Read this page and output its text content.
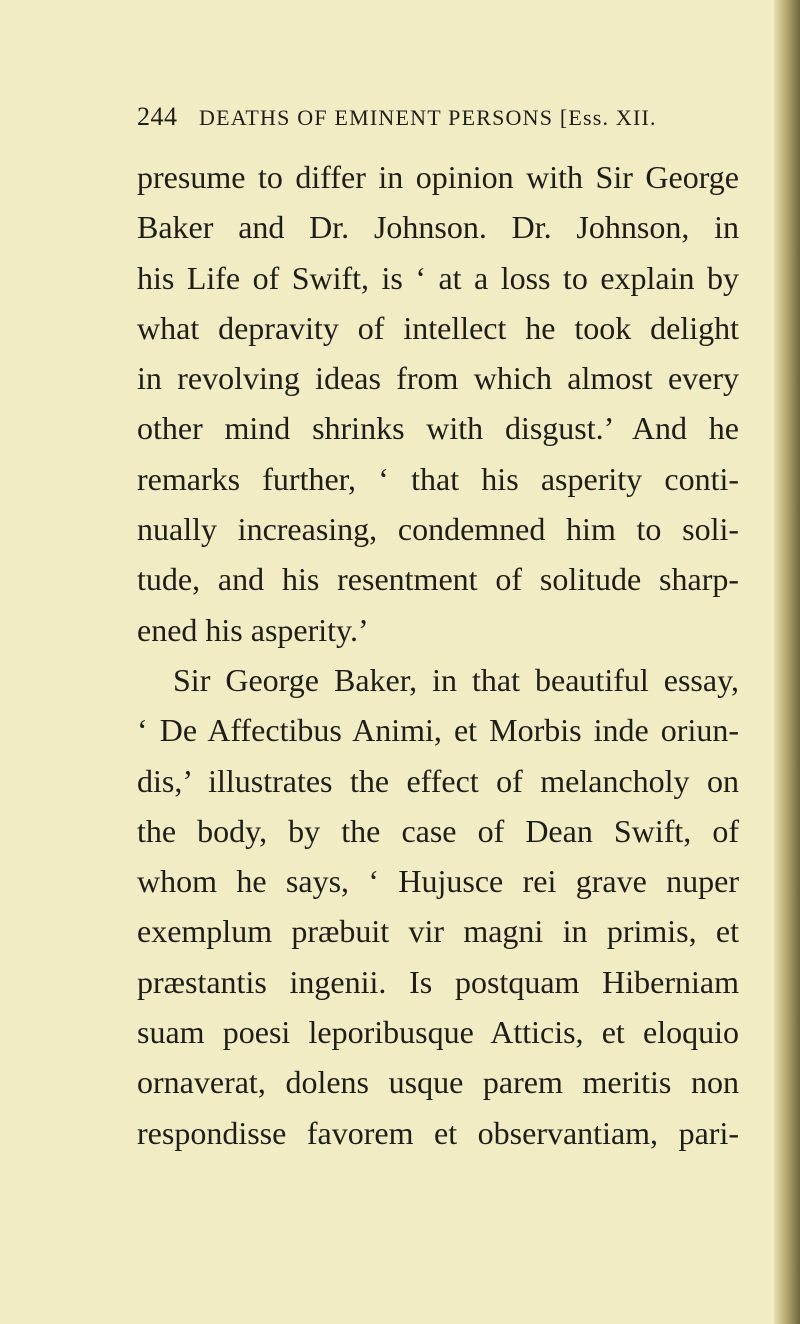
244 DEATHS OF EMINENT PERSONS [Ess. XII.
presume to differ in opinion with Sir George
Baker and Dr. Johnson. Dr. Johnson, in
his Life of Swift, is ‘ at a loss to explain by
what depravity of intellect he took delight
in revolving ideas from which almost every
other mind shrinks with disgust.’ And he
remarks further, ‘ that his asperity conti-
nually increasing, condemned him to soli-
tude, and his resentment of solitude sharp-
ened his asperity.’
Sir George Baker, in that beautiful essay,
‘ De Affectibus Animi, et Morbis inde oriun-
dis,’ illustrates the effect of melancholy on
the body, by the case of Dean Swift, of
whom he says, ‘ Hujusce rei grave nuper
exemplum præbuit vir magni in primis, et
præstantis ingenii. Is postquam Hiberniam
suam poesi leporibusque Atticis, et eloquio
ornaverat, dolens usque parem meritis non
respondisse favorem et observantiam, pari-
